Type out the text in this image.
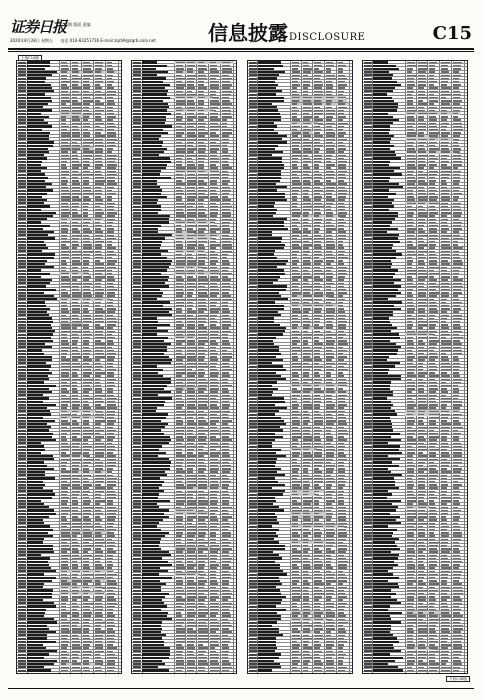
证券日报
星期 版面 责编
2020年8月28日 星期五 电话 010-83251716 E-mail zqrb9@zqrb.sina.net	信息披露DISCLOSURE	C15
上接C14版
下转C16版
